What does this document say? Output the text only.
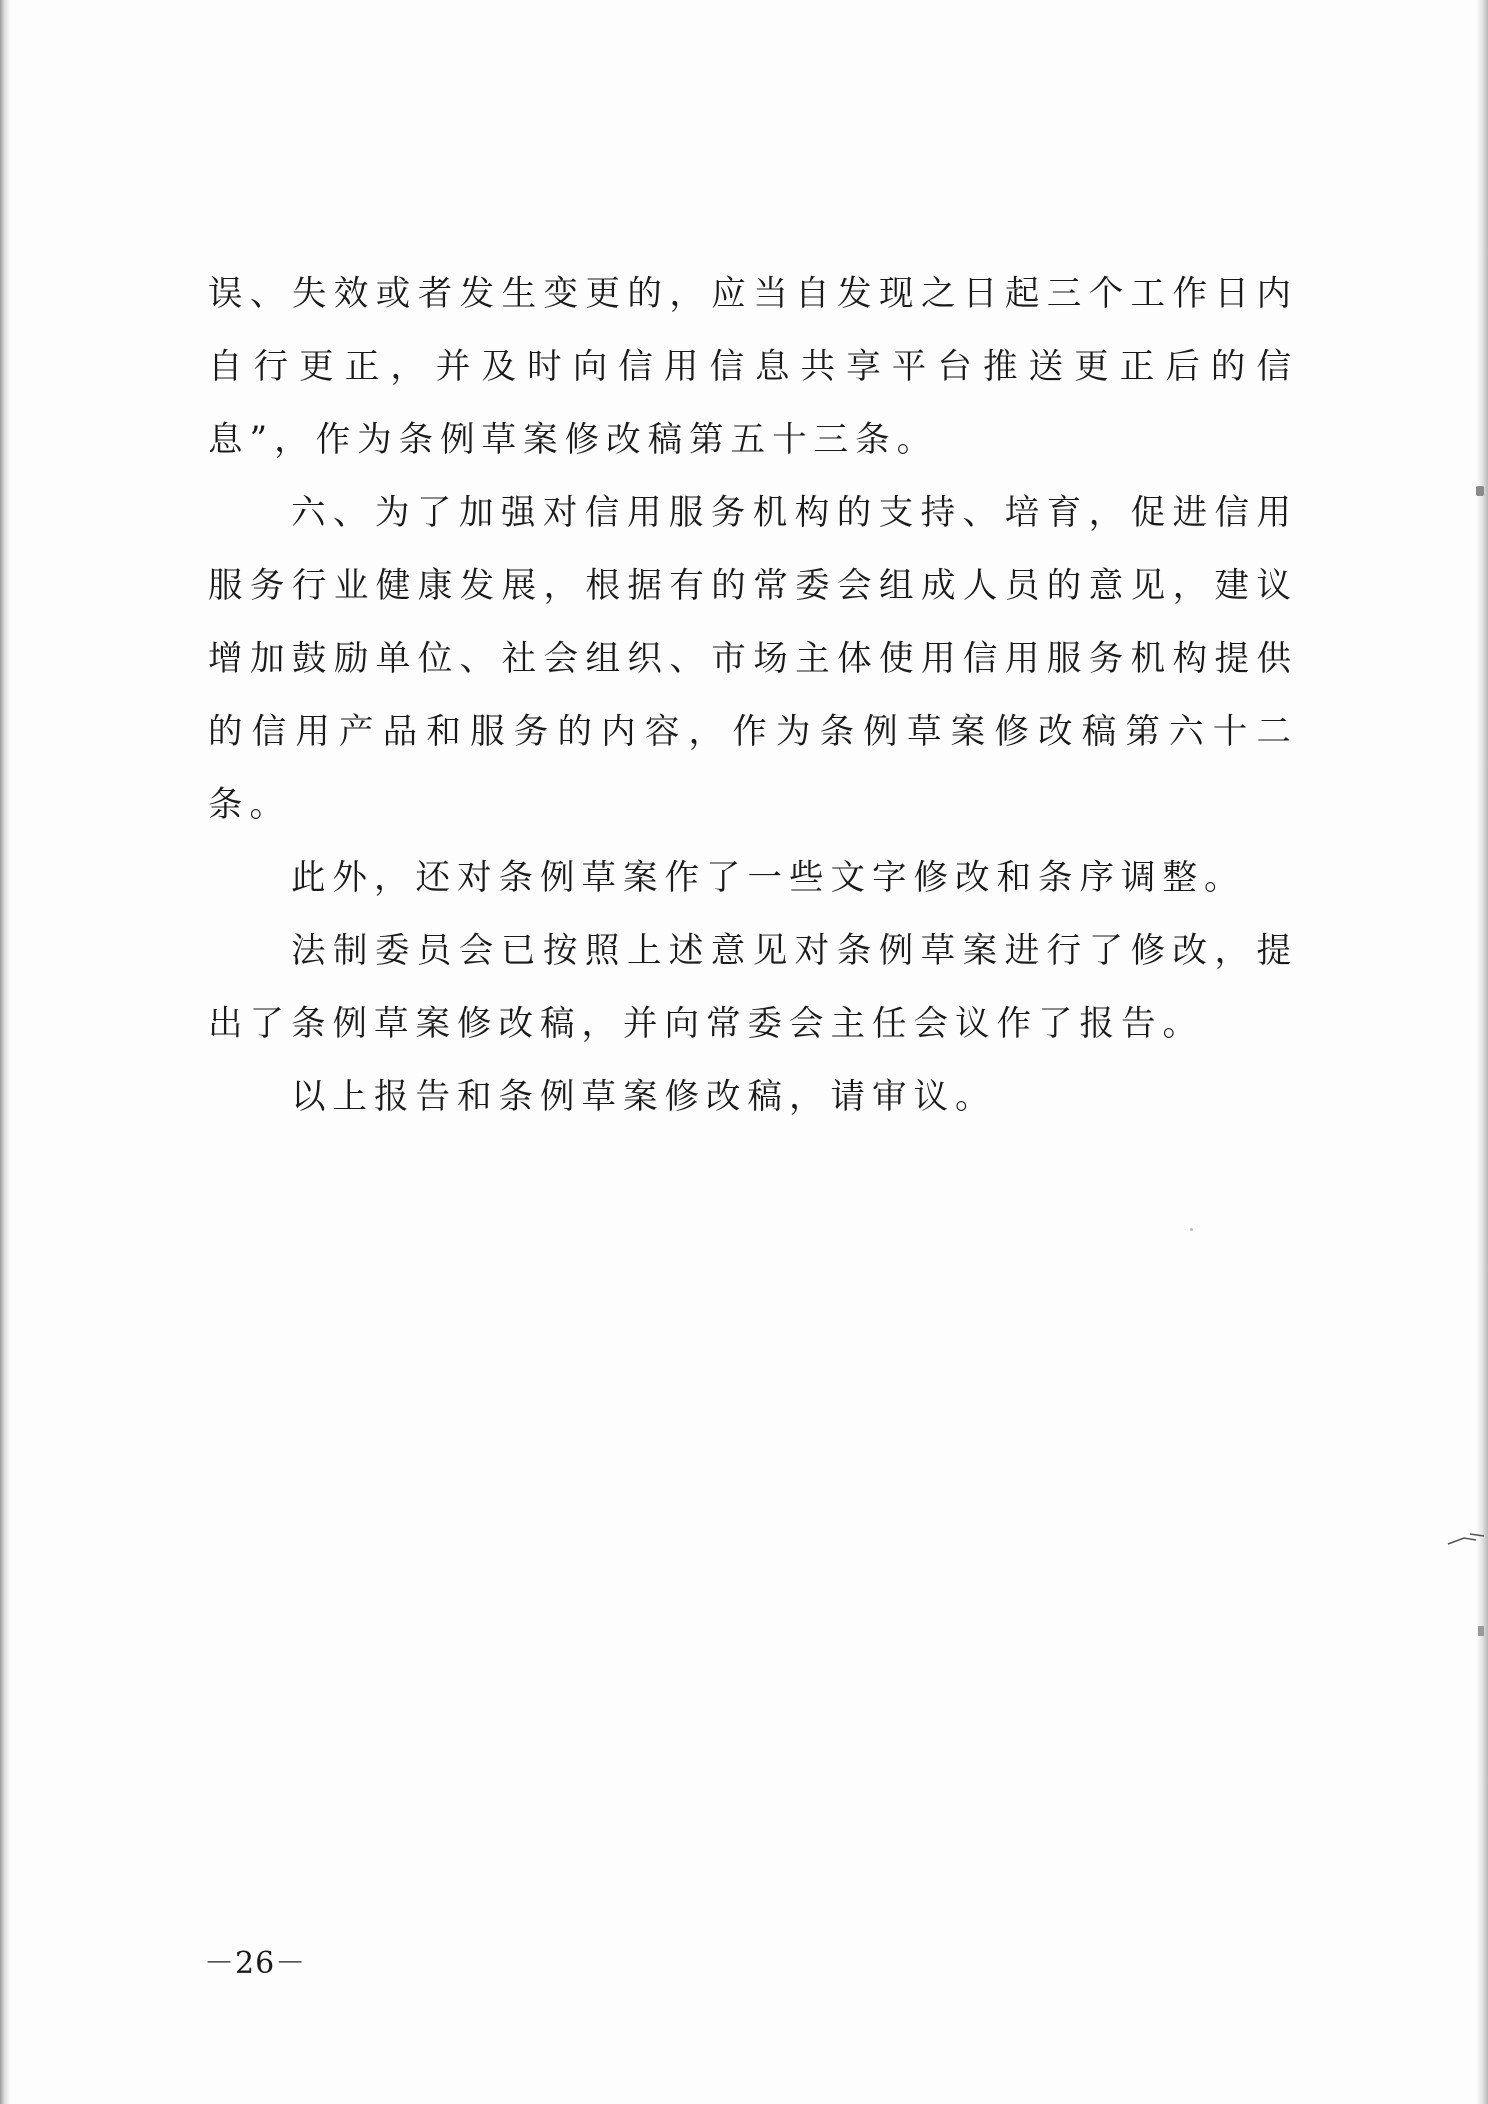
误、失效或者发生变更的，应当自发现之日起三个工作日内自行更正，并及时向信用信息共享平台推送更正后的信息”，作为条例草案修改稿第五十三条。

六、为了加强对信用服务机构的支持、培育，促进信用服务行业健康发展，根据有的常委会组成人员的意见，建议增加鼓励单位、社会组织、市场主体使用信用服务机构提供的信用产品和服务的内容，作为条例草案修改稿第六十二条。

此外，还对条例草案作了一些文字修改和条序调整。

法制委员会已按照上述意见对条例草案进行了修改，提出了条例草案修改稿，并向常委会主任会议作了报告。

以上报告和条例草案修改稿，请审议。

－26－
